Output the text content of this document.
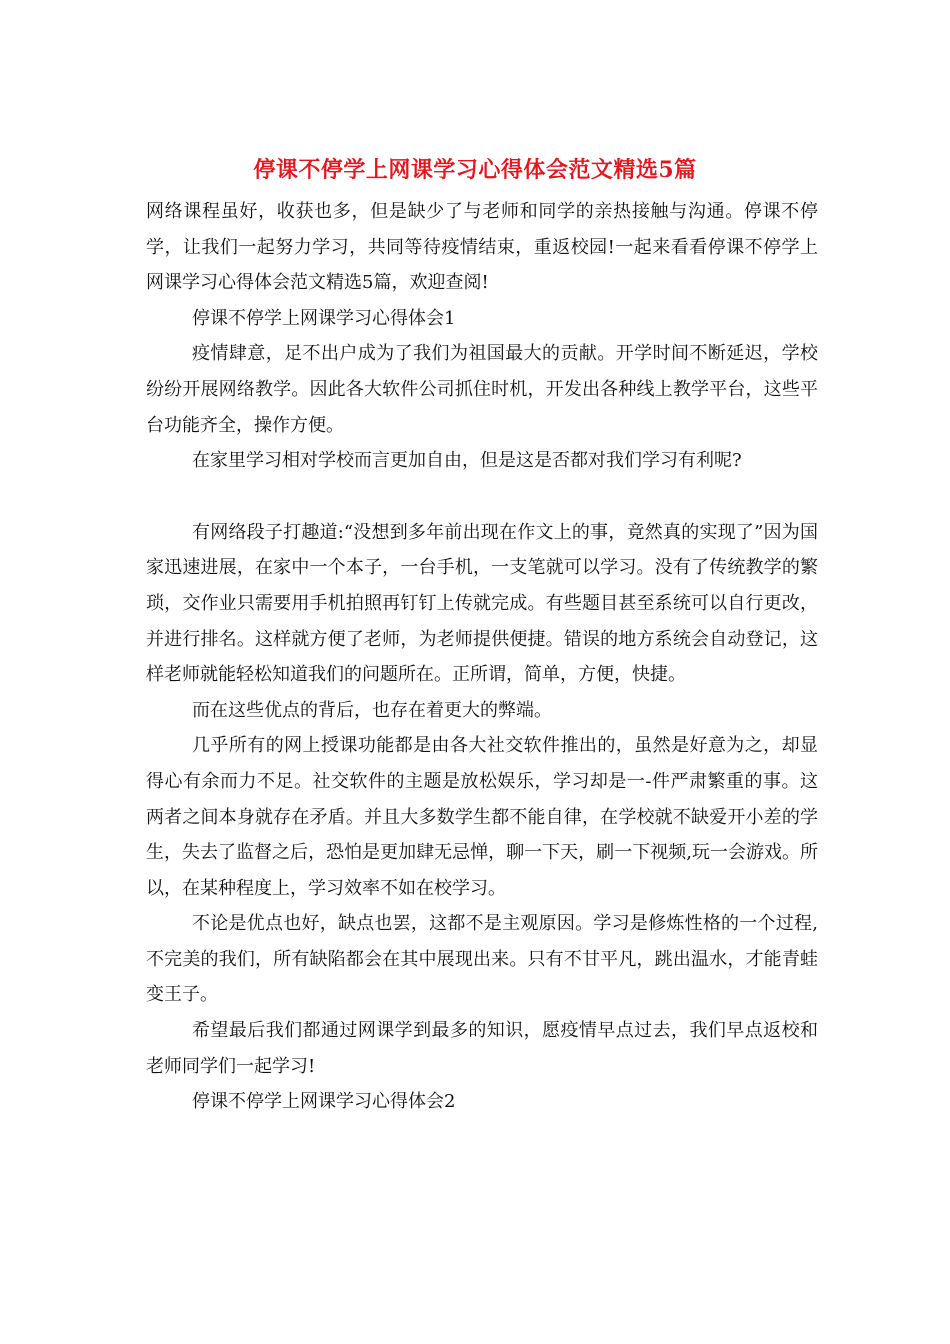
停课不停学上网课学习心得体会范文精选5篇

网络课程虽好，收获也多，但是缺少了与老师和同学的亲热接触与沟通。停课不停学，让我们一起努力学习，共同等待疫情结束，重返校园!一起来看看停课不停学上网课学习心得体会范文精选5篇，欢迎查阅!

停课不停学上网课学习心得体会1

疫情肆意，足不出户成为了我们为祖国最大的贡献。开学时间不断延迟，学校纷纷开展网络教学。因此各大软件公司抓住时机，开发出各种线上教学平台，这些平台功能齐全，操作方便。

在家里学习相对学校而言更加自由，但是这是否都对我们学习有利呢?

有网络段子打趣道:“没想到多年前出现在作文上的事，竟然真的实现了”因为国家迅速进展，在家中一个本子，一台手机，一支笔就可以学习。没有了传统教学的繁琐，交作业只需要用手机拍照再钉钉上传就完成。有些题目甚至系统可以自行更改，并进行排名。这样就方便了老师，为老师提供便捷。错误的地方系统会自动登记，这样老师就能轻松知道我们的问题所在。正所谓，简单，方便，快捷。

而在这些优点的背后，也存在着更大的弊端。

几乎所有的网上授课功能都是由各大社交软件推出的，虽然是好意为之，却显得心有余而力不足。社交软件的主题是放松娱乐，学习却是一-件严肃繁重的事。这两者之间本身就存在矛盾。并且大多数学生都不能自律，在学校就不缺爱开小差的学生，失去了监督之后，恐怕是更加肆无忌惮，聊一下天，刷一下视频,玩一会游戏。所以，在某种程度上，学习效率不如在校学习。

不论是优点也好，缺点也罢，这都不是主观原因。学习是修炼性格的一个过程,不完美的我们，所有缺陷都会在其中展现出来。只有不甘平凡，跳出温水，才能青蛙变王子。

希望最后我们都通过网课学到最多的知识，愿疫情早点过去，我们早点返校和老师同学们一起学习!

停课不停学上网课学习心得体会2
